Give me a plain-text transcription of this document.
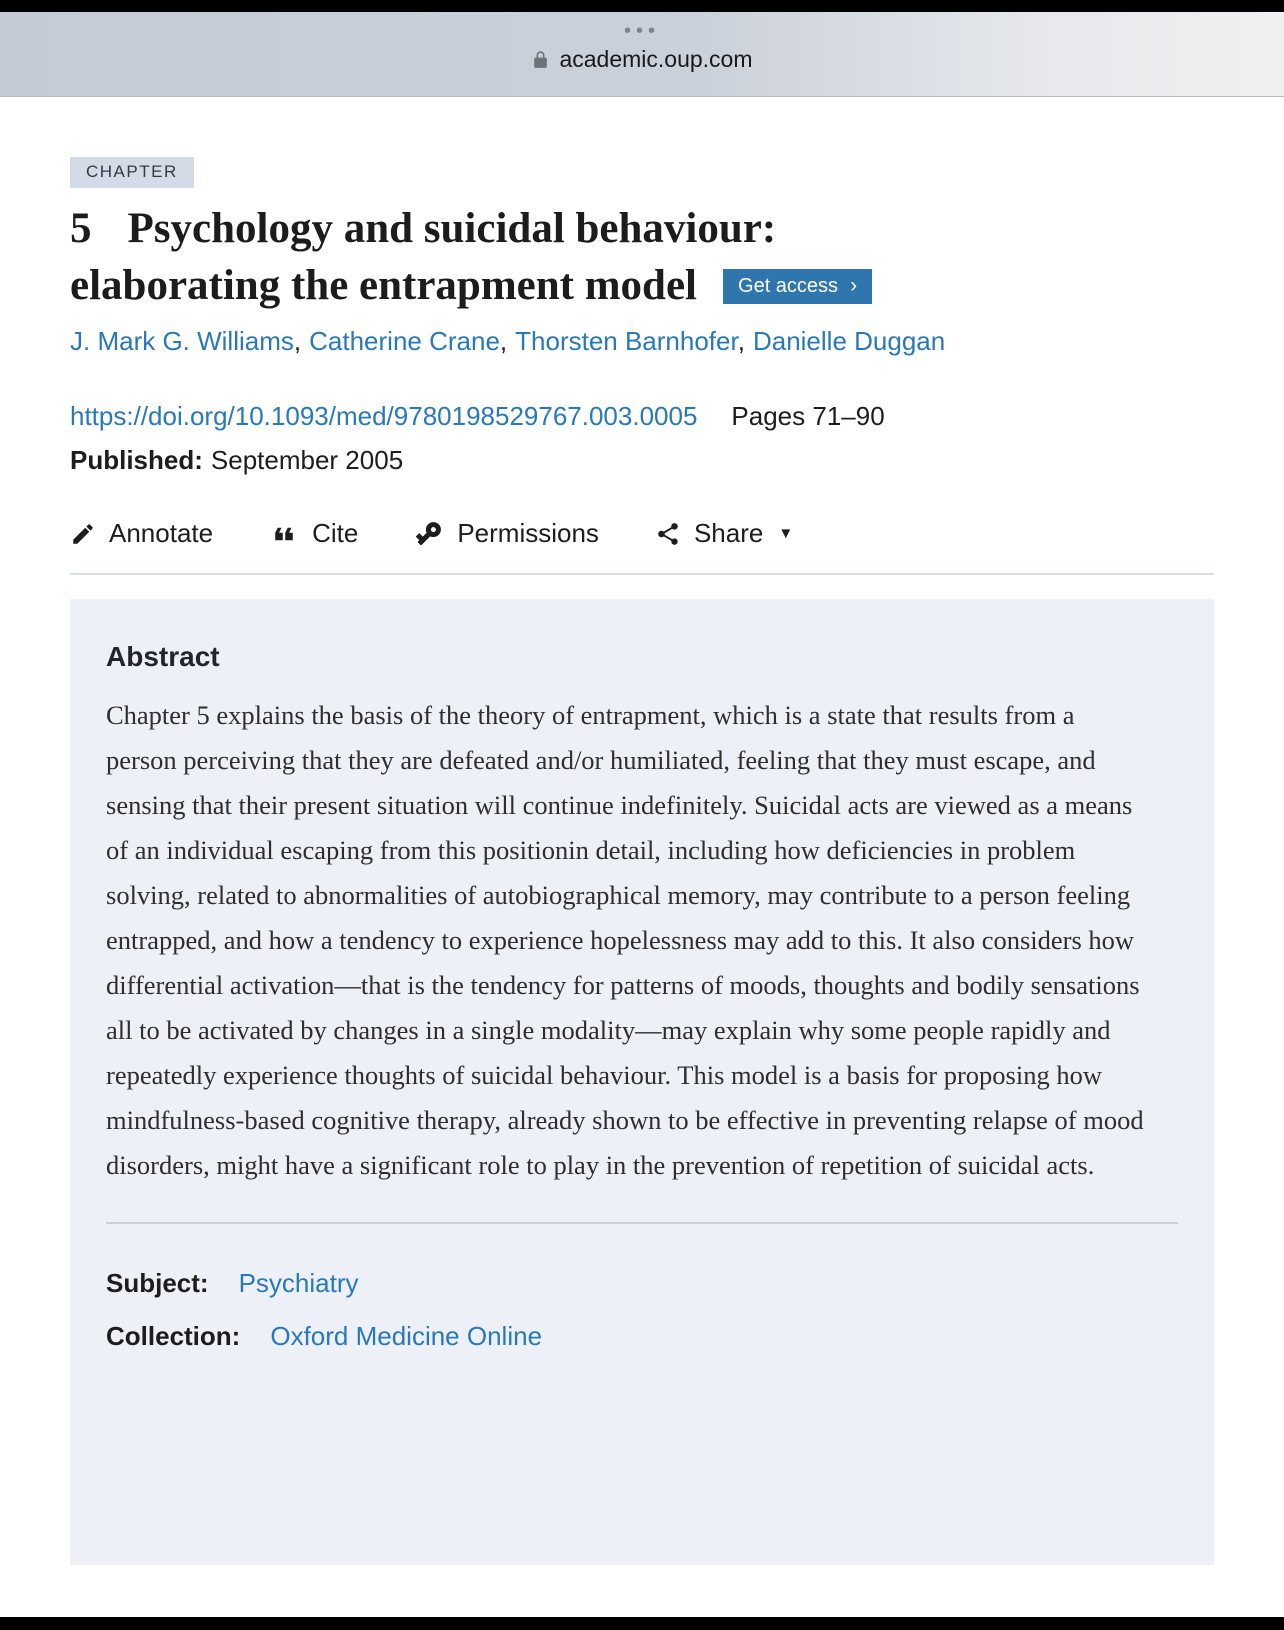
•••
academic.oup.com
CHAPTER
5 Psychology and suicidal behaviour:
elaborating the entrapment model Get access ›
J. Mark G. Williams, Catherine Crane, Thorsten Barnhofer, Danielle Duggan
https://doi.org/10.1093/med/9780198529767.003.0005 Pages 71–90
Published: September 2005
Annotate	Cite	Permissions	Share ▼
Abstract

Chapter 5 explains the basis of the theory of entrapment, which is a state that results from a person perceiving that they are defeated and/or humiliated, feeling that they must escape, and sensing that their present situation will continue indefinitely. Suicidal acts are viewed as a means of an individual escaping from this positionin detail, including how deficiencies in problem solving, related to abnormalities of autobiographical memory, may contribute to a person feeling entrapped, and how a tendency to experience hopelessness may add to this. It also considers how differential activation—that is the tendency for patterns of moods, thoughts and bodily sensations all to be activated by changes in a single modality—may explain why some people rapidly and repeatedly experience thoughts of suicidal behaviour. This model is a basis for proposing how mindfulness-based cognitive therapy, already shown to be effective in preventing relapse of mood disorders, might have a significant role to play in the prevention of repetition of suicidal acts.

Subject: Psychiatry
Collection: Oxford Medicine Online
